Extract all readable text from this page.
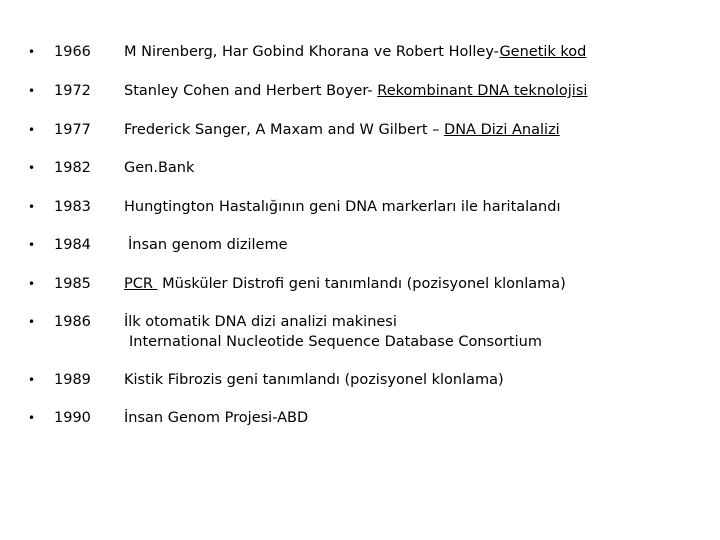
• 1966 M Nirenberg, Har Gobind Khorana ve Robert Holley-Genetik kod
• 1972 Stanley Cohen and Herbert Boyer- Rekombinant DNA teknolojisi
• 1977 Frederick Sanger, A Maxam and W Gilbert – DNA Dizi Analizi
• 1982 Gen.Bank
• 1983 Hungtington Hastalığının geni DNA markerları ile haritalandı
• 1984	İnsan genom dizileme
• 1985 PCR  Müsküler Distrofi geni tanımlandı (pozisyonel klonlama)
• 1986 İlk otomatik DNA dizi analizi makinesi
International Nucleotide Sequence Database Consortium
• 1989 Kistik Fibrozis geni tanımlandı (pozisyonel klonlama)
• 1990 İnsan Genom Projesi-ABD
